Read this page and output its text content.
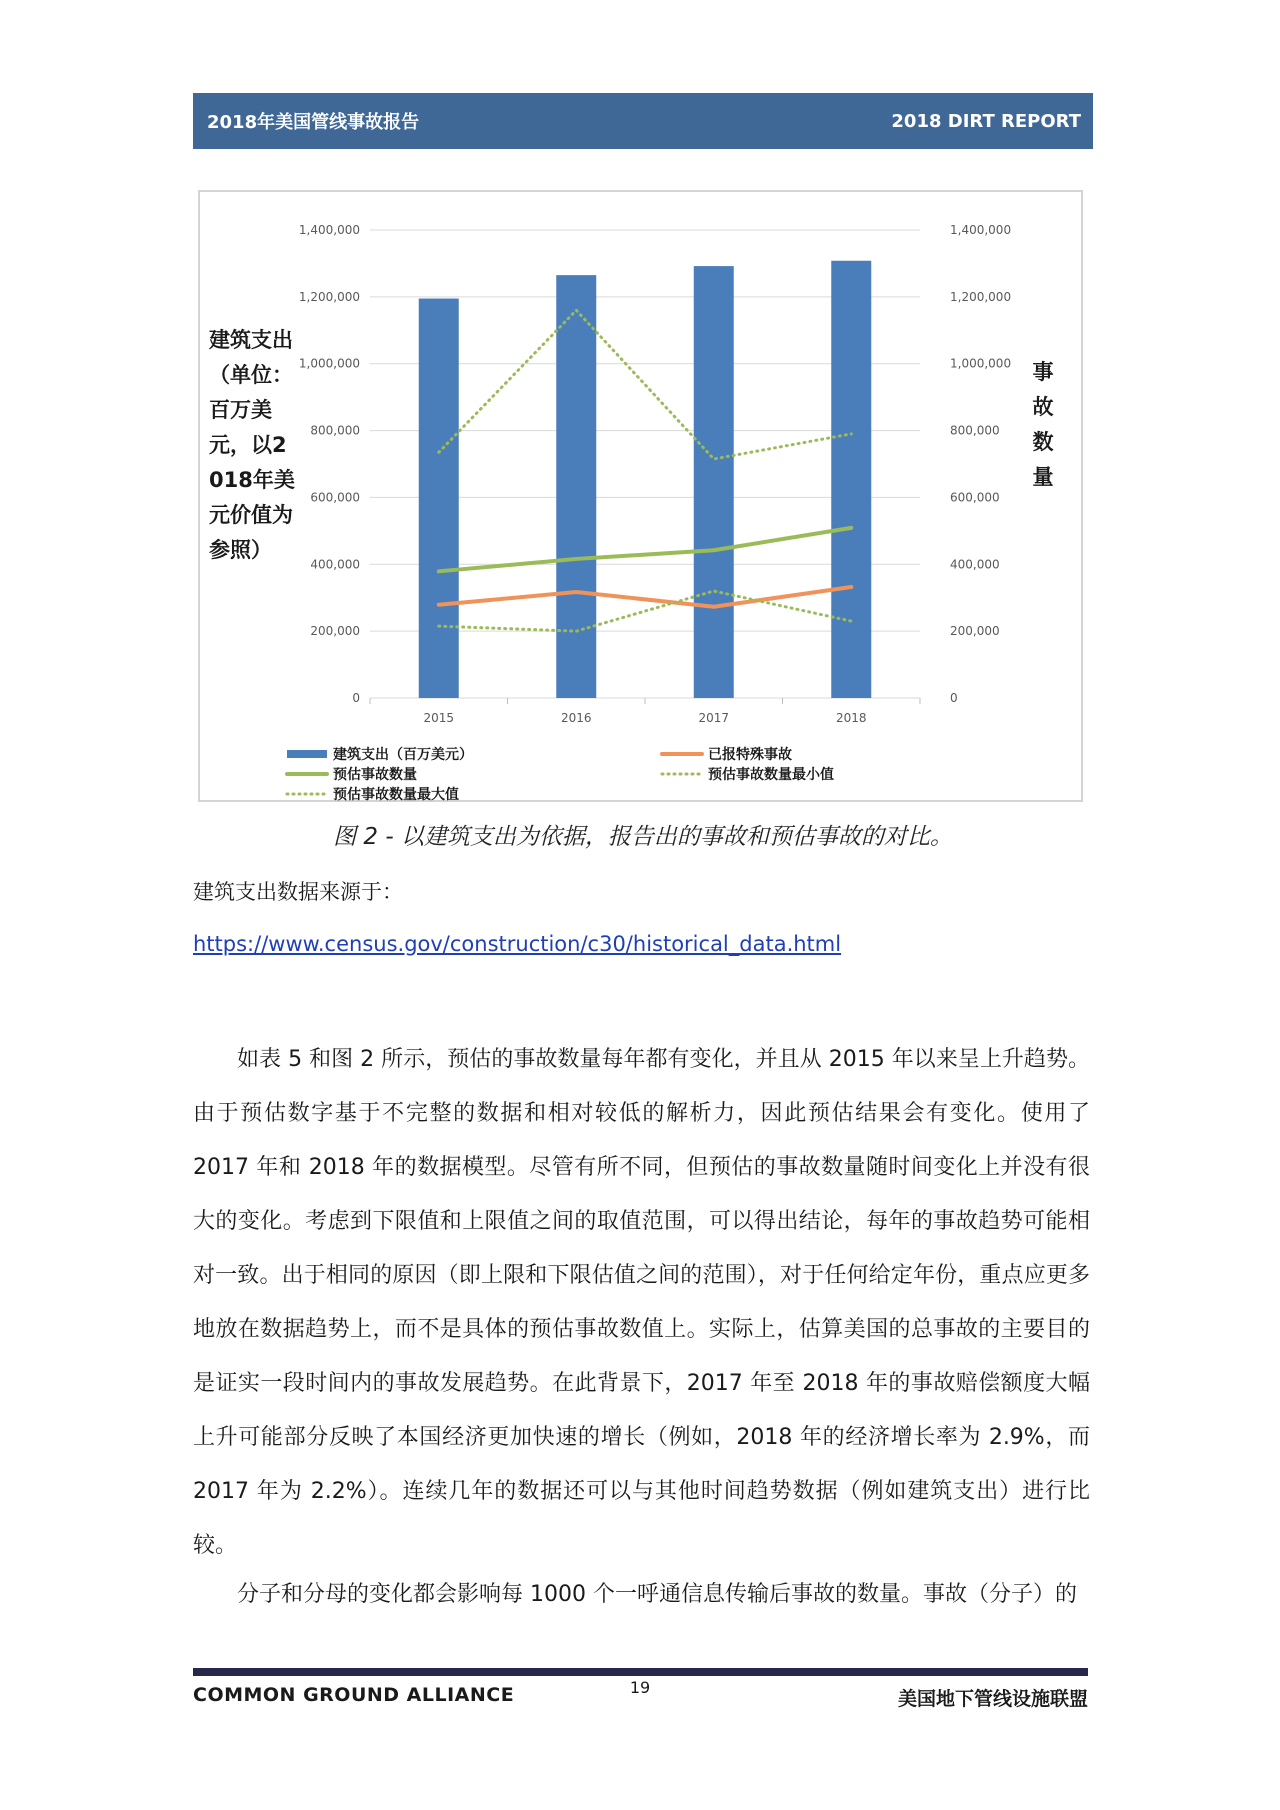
2018年美国管线事故报告	2018 DIRT REPORT
0	0
200,000	200,000
400,000	400,000
600,000	600,000
800,000	800,000
1,000,000	1,000,000
1,200,000	1,200,000
1,400,000	1,400,000
2015	2016	2017	2018
建筑支出（百万美元）	已报特殊事故
预估事故数量	预估事故数量最小值
预估事故数量最大值
建筑支出（单位：百万美元，以2018年美元价值为参照）
事故数量
图 2 - 以建筑支出为依据，报告出的事故和预估事故的对比。
建筑支出数据来源于：
https://www.census.gov/construction/c30/historical_data.html

如表 5 和图 2 所示，预估的事故数量每年都有变化，并且从 2015 年以来呈上升趋势。由于预估数字基于不完整的数据和相对较低的解析力，因此预估结果会有变化。使用了 2017 年和 2018 年的数据模型。尽管有所不同，但预估的事故数量随时间变化上并没有很大的变化。考虑到下限值和上限值之间的取值范围，可以得出结论，每年的事故趋势可能相对一致。出于相同的原因（即上限和下限估值之间的范围），对于任何给定年份，重点应更多地放在数据趋势上，而不是具体的预估事故数值上。实际上，估算美国的总事故的主要目的是证实一段时间内的事故发展趋势。在此背景下，2017 年至 2018 年的事故赔偿额度大幅上升可能部分反映了本国经济更加快速的增长（例如，2018 年的经济增长率为 2.9%，而 2017 年为 2.2%）。连续几年的数据还可以与其他时间趋势数据（例如建筑支出）进行比较。

分子和分母的变化都会影响每 1000 个一呼通信息传输后事故的数量。事故（分子）的

COMMON GROUND ALLIANCE	19
美国地下管线设施联盟
